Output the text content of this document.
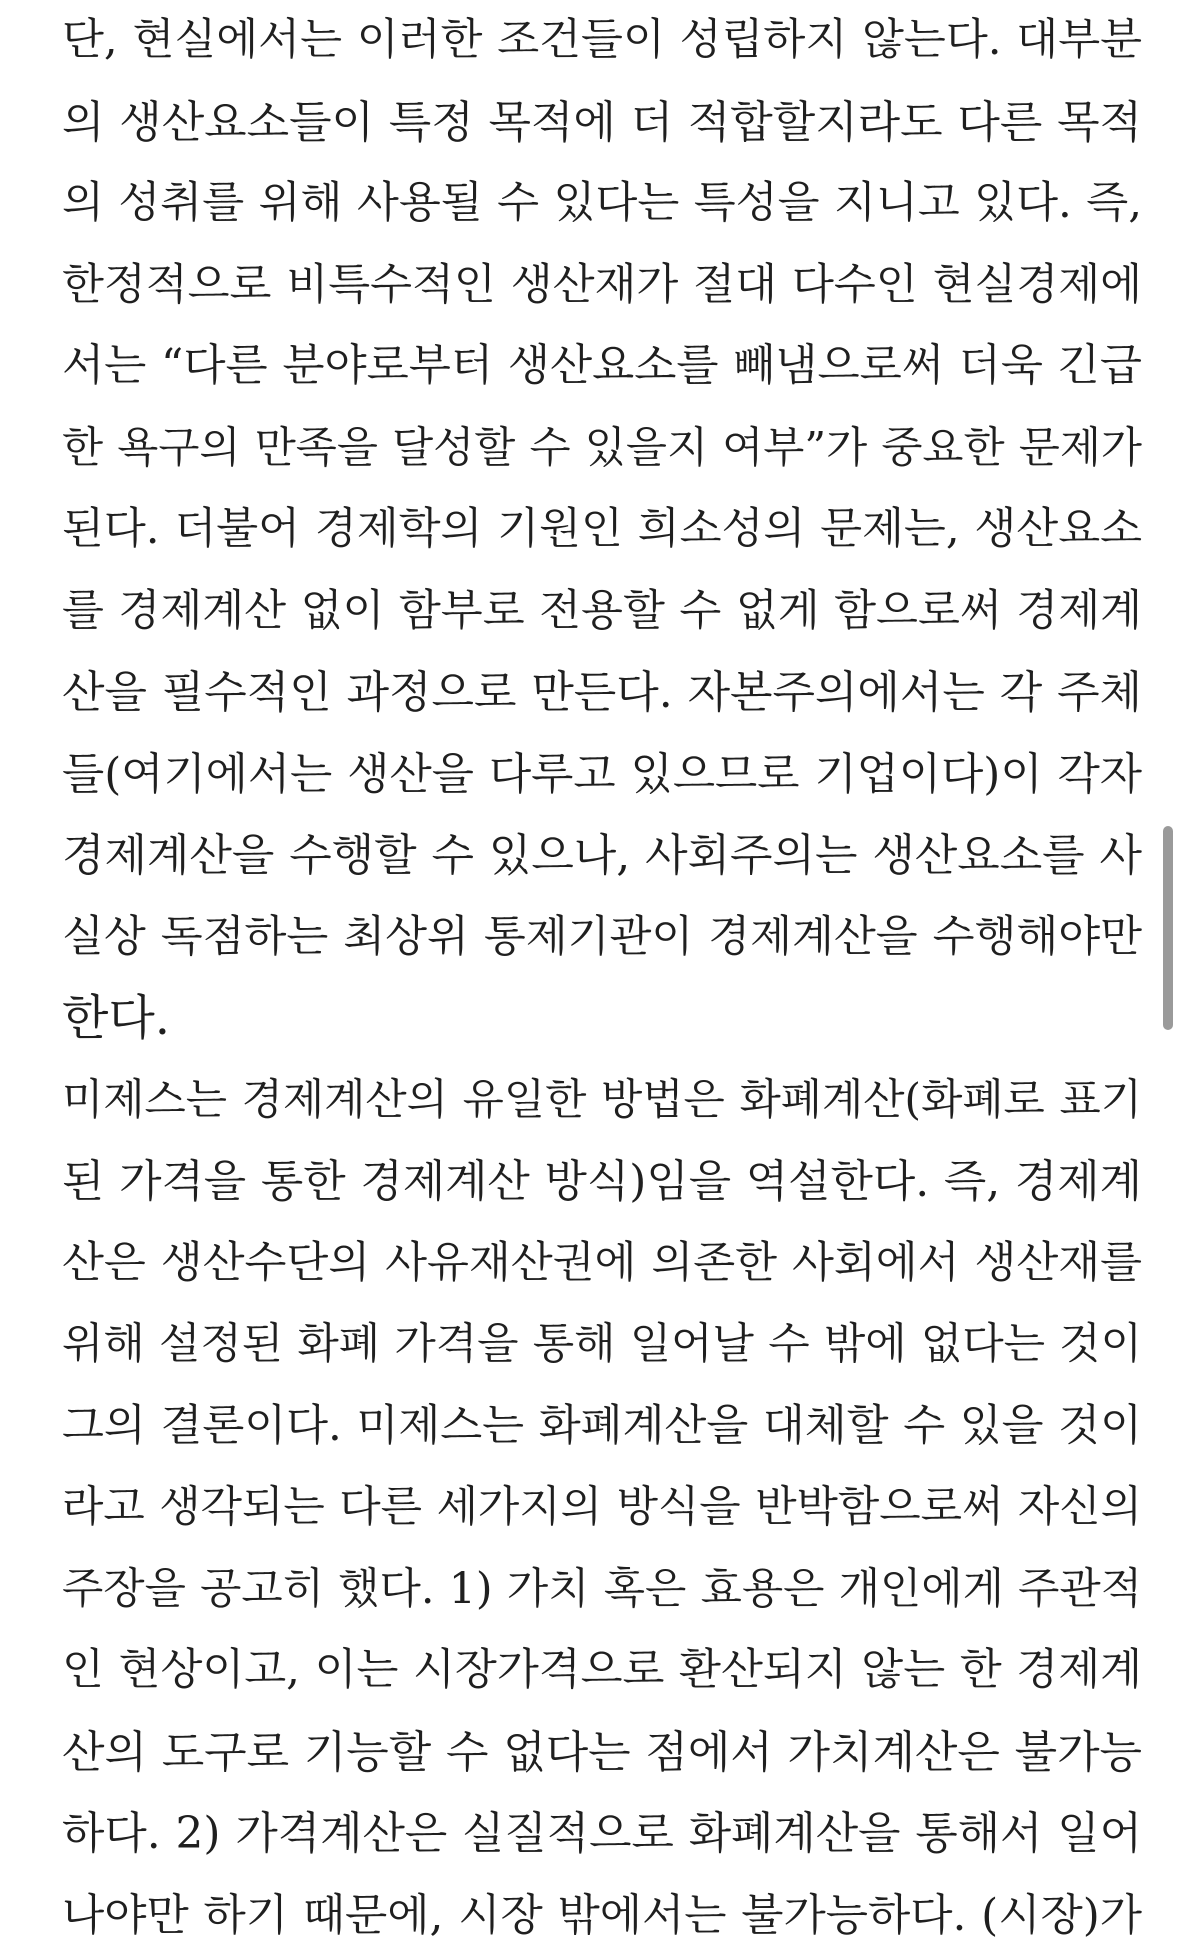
단, 현실에서는 이러한 조건들이 성립하지 않는다. 대부분
의 생산요소들이 특정 목적에 더 적합할지라도 다른 목적
의 성취를 위해 사용될 수 있다는 특성을 지니고 있다. 즉,
한정적으로 비특수적인 생산재가 절대 다수인 현실경제에
서는 “다른 분야로부터 생산요소를 빼냄으로써 더욱 긴급
한 욕구의 만족을 달성할 수 있을지 여부”가 중요한 문제가
된다. 더불어 경제학의 기원인 희소성의 문제는, 생산요소
를 경제계산 없이 함부로 전용할 수 없게 함으로써 경제계
산을 필수적인 과정으로 만든다. 자본주의에서는 각 주체
들(여기에서는 생산을 다루고 있으므로 기업이다)이 각자
경제계산을 수행할 수 있으나, 사회주의는 생산요소를 사
실상 독점하는 최상위 통제기관이 경제계산을 수행해야만
한다.
미제스는 경제계산의 유일한 방법은 화폐계산(화폐로 표기
된 가격을 통한 경제계산 방식)임을 역설한다. 즉, 경제계
산은 생산수단의 사유재산권에 의존한 사회에서 생산재를
위해 설정된 화폐 가격을 통해 일어날 수 밖에 없다는 것이
그의 결론이다. 미제스는 화폐계산을 대체할 수 있을 것이
라고 생각되는 다른 세가지의 방식을 반박함으로써 자신의
주장을 공고히 했다. 1) 가치 혹은 효용은 개인에게 주관적
인 현상이고, 이는 시장가격으로 환산되지 않는 한 경제계
산의 도구로 기능할 수 없다는 점에서 가치계산은 불가능
하다. 2) 가격계산은 실질적으로 화폐계산을 통해서 일어
나야만 하기 때문에, 시장 밖에서는 불가능하다. (시장)가
